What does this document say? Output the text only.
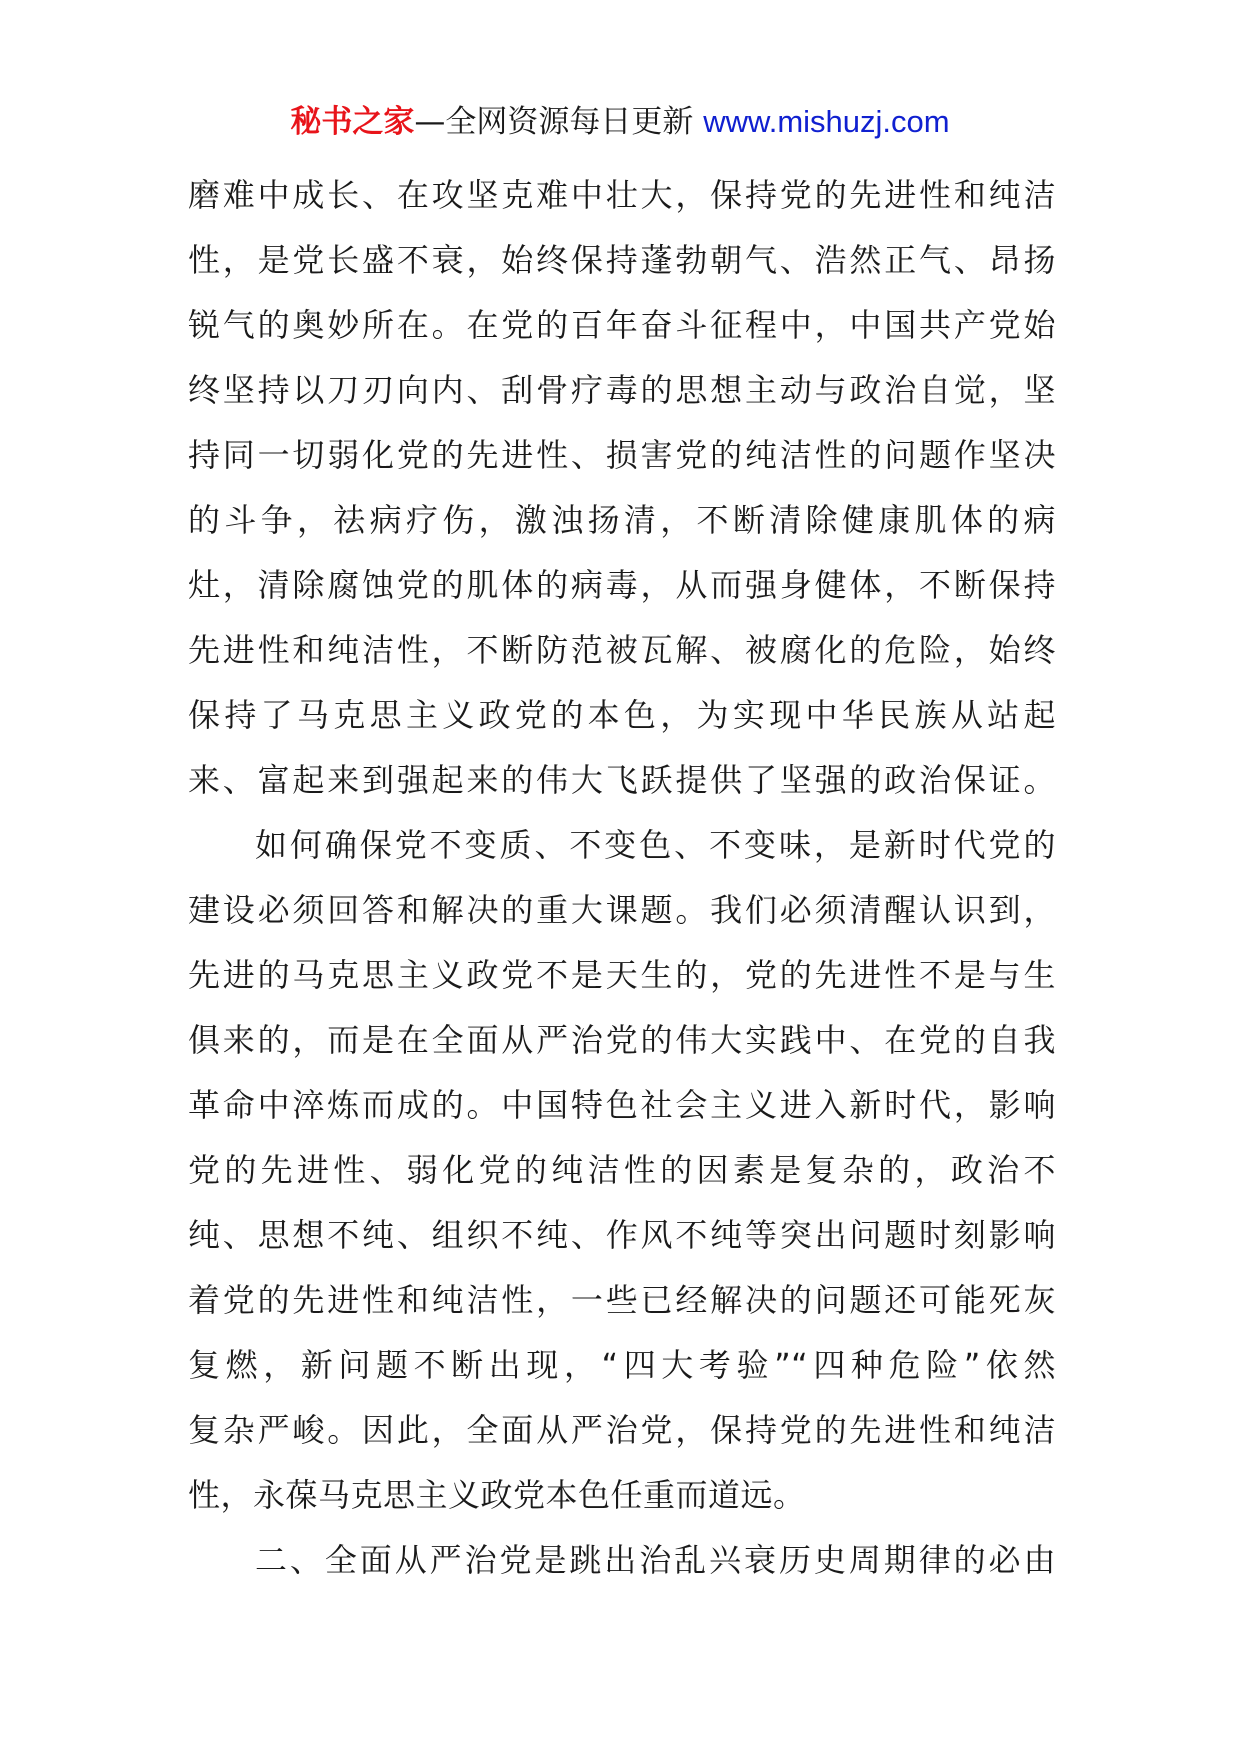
秘书之家—全网资源每日更新 www.mishuzj.com
磨难中成长、在攻坚克难中壮大，保持党的先进性和纯洁
性，是党长盛不衰，始终保持蓬勃朝气、浩然正气、昂扬
锐气的奥妙所在。在党的百年奋斗征程中，中国共产党始
终坚持以刀刃向内、刮骨疗毒的思想主动与政治自觉，坚
持同一切弱化党的先进性、损害党的纯洁性的问题作坚决
的斗争，祛病疗伤，激浊扬清，不断清除健康肌体的病
灶，清除腐蚀党的肌体的病毒，从而强身健体，不断保持
先进性和纯洁性，不断防范被瓦解、被腐化的危险，始终
保持了马克思主义政党的本色，为实现中华民族从站起
来、富起来到强起来的伟大飞跃提供了坚强的政治保证。
如何确保党不变质、不变色、不变味，是新时代党的
建设必须回答和解决的重大课题。我们必须清醒认识到，
先进的马克思主义政党不是天生的，党的先进性不是与生
俱来的，而是在全面从严治党的伟大实践中、在党的自我
革命中淬炼而成的。中国特色社会主义进入新时代，影响
党的先进性、弱化党的纯洁性的因素是复杂的，政治不
纯、思想不纯、组织不纯、作风不纯等突出问题时刻影响
着党的先进性和纯洁性，一些已经解决的问题还可能死灰
复燃，新问题不断出现，“四大考验”“四种危险”依然
复杂严峻。因此，全面从严治党，保持党的先进性和纯洁
性，永葆马克思主义政党本色任重而道远。
二、全面从严治党是跳出治乱兴衰历史周期律的必由
